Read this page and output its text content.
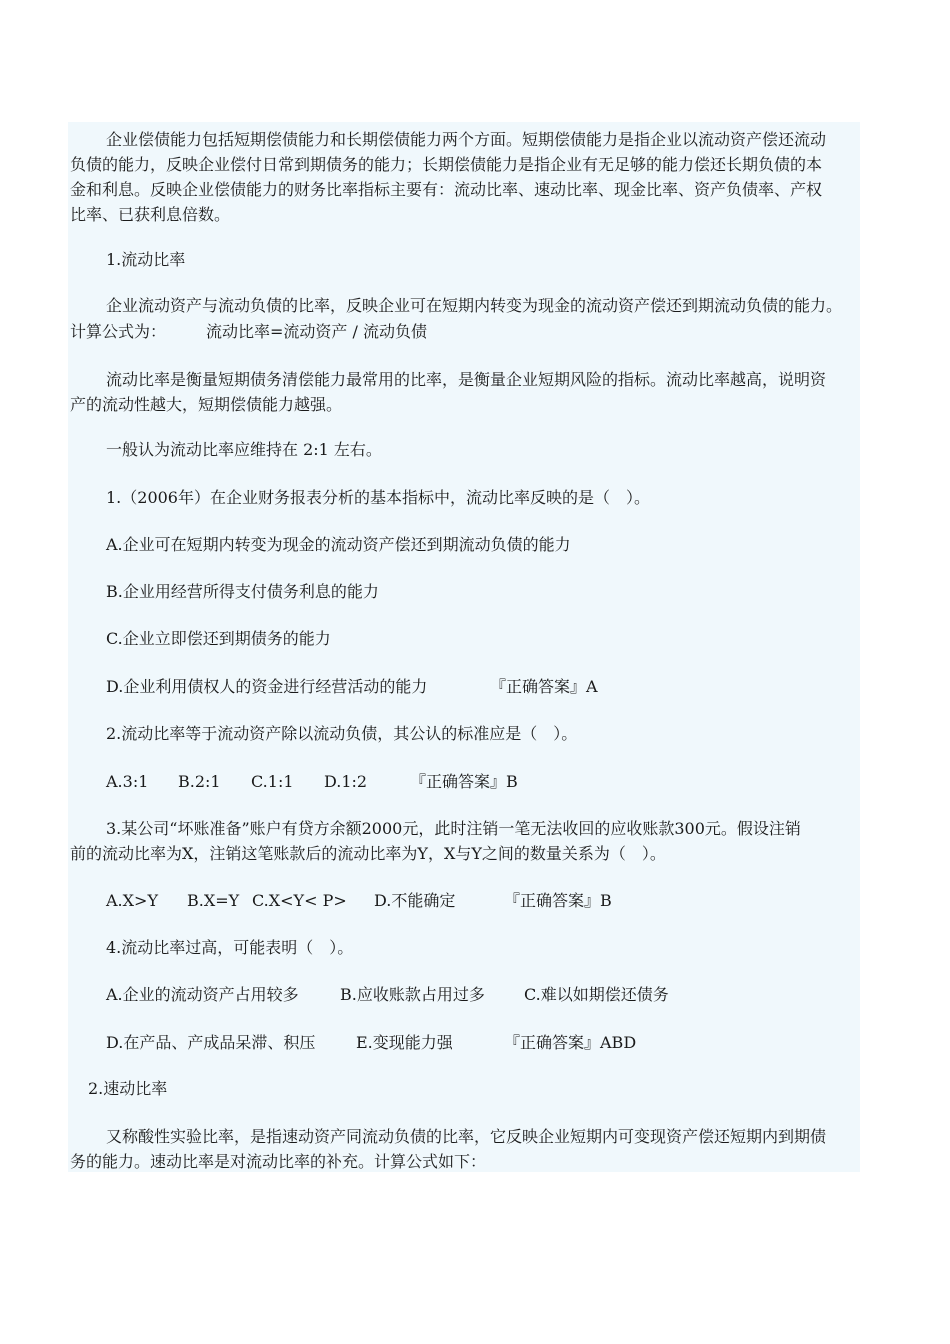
企业偿债能力包括短期偿债能力和长期偿债能力两个方面。短期偿债能力是指企业以流动资产偿还流动
负债的能力，反映企业偿付日常到期债务的能力；长期偿债能力是指企业有无足够的能力偿还长期负债的本
金和利息。反映企业偿债能力的财务比率指标主要有：流动比率、速动比率、现金比率、资产负债率、产权
比率、已获利息倍数。
1.流动比率
企业流动资产与流动负债的比率，反映企业可在短期内转变为现金的流动资产偿还到期流动负债的能力。
计算公式为：　　　流动比率=流动资产 / 流动负债
流动比率是衡量短期债务清偿能力最常用的比率，是衡量企业短期风险的指标。流动比率越高，说明资
产的流动性越大，短期偿债能力越强。
一般认为流动比率应维持在 2:1 左右。
1.（2006年）在企业财务报表分析的基本指标中，流动比率反映的是（　）。
A.企业可在短期内转变为现金的流动资产偿还到期流动负债的能力
B.企业用经营所得支付债务利息的能力
C.企业立即偿还到期债务的能力
D.企业利用债权人的资金进行经营活动的能力	『正确答案』A
2.流动比率等于流动资产除以流动负债，其公认的标准应是（　）。
A.3:1 B.2:1 C.1:1 D.1:2	『正确答案』B
3.某公司“坏账准备”账户有贷方余额2000元，此时注销一笔无法收回的应收账款300元。假设注销
前的流动比率为X，注销这笔账款后的流动比率为Y，X与Y之间的数量关系为（　）。
A.X>Y B.X=Y C.X<Y< P> D.不能确定	『正确答案』B
4.流动比率过高，可能表明（　）。
A.企业的流动资产占用较多	B.应收账款占用过多 C.难以如期偿还债务
D.在产品、产成品呆滞、积压	E.变现能力强	『正确答案』ABD
2.速动比率
又称酸性实验比率，是指速动资产同流动负债的比率，它反映企业短期内可变现资产偿还短期内到期债
务的能力。速动比率是对流动比率的补充。计算公式如下：
